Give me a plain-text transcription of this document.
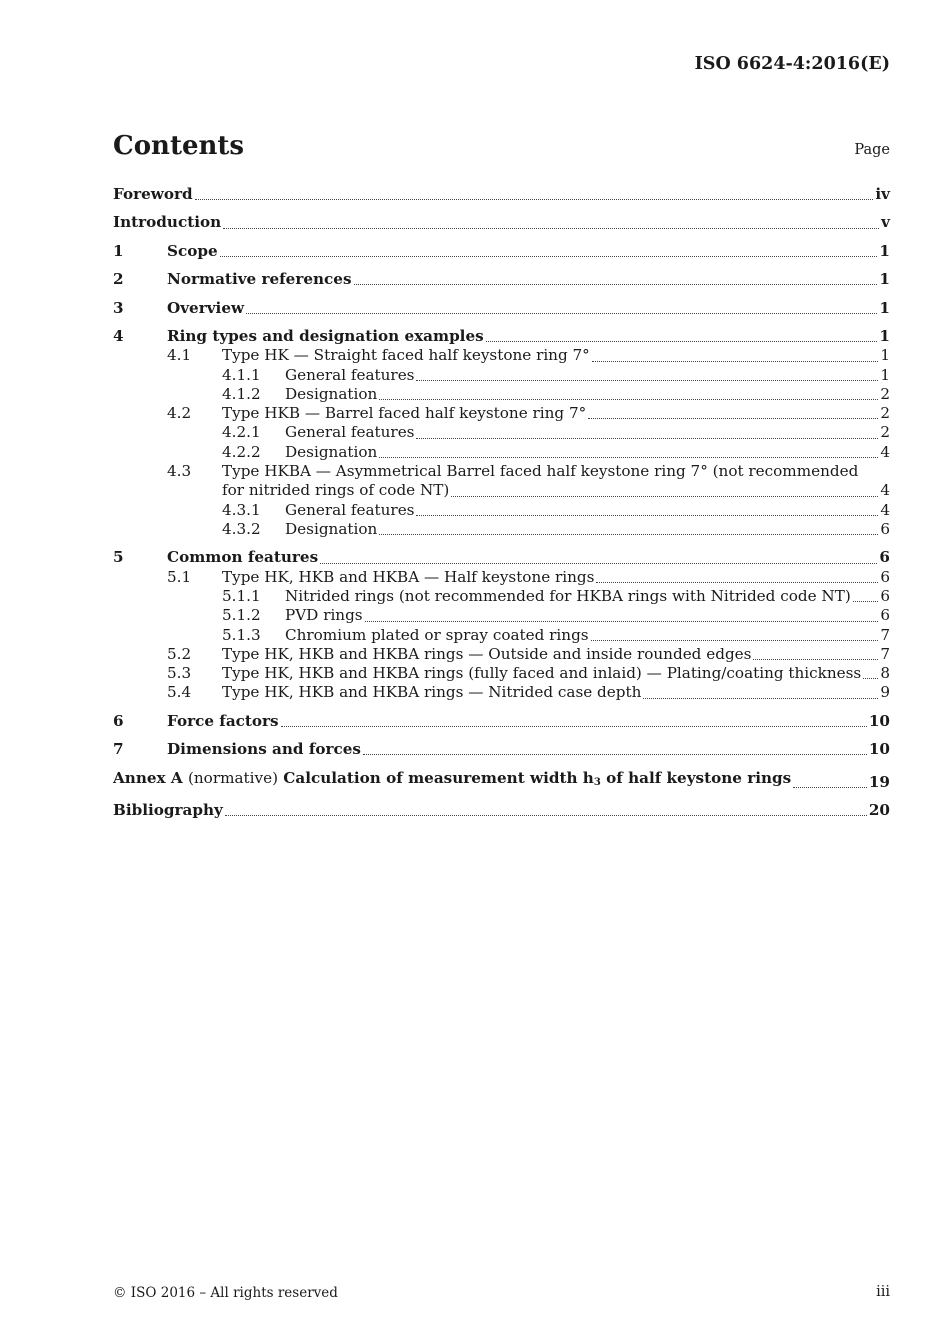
ISO 6624-4:2016(E)
Contents	Page
Foreword	iv
Introduction	v
1	Scope	1
2	Normative references	1
3	Overview	1
4	Ring types and designation examples	1
4.1 Type HK — Straight faced half keystone ring 7°	1
4.1.1 General features	1
4.1.2 Designation	2
4.2 Type HKB — Barrel faced half keystone ring 7°	2
4.2.1 General features	2
4.2.2 Designation	4
4.3 Type HKBA — Asymmetrical Barrel faced half keystone ring 7° (not recommended
for nitrided rings of code NT)	4
4.3.1 General features	4
4.3.2 Designation	6
5	Common features	6
5.1 Type HK, HKB and HKBA — Half keystone rings	6
5.1.1 Nitrided rings (not recommended for HKBA rings with Nitrided code NT) 6
5.1.2 PVD rings	6
5.1.3 Chromium plated or spray coated rings	7
5.2 Type HK, HKB and HKBA rings — Outside and inside rounded edges	7
5.3 Type HK, HKB and HKBA rings (fully faced and inlaid) — Plating/coating thickness 8
5.4 Type HK, HKB and HKBA rings — Nitrided case depth	9
6	Force factors	10
7	Dimensions and forces	10
Annex A (normative) Calculation of measurement width $h_3$ of half keystone rings	19
Bibliography	20
© ISO 2016 – All rights reserved	iii
